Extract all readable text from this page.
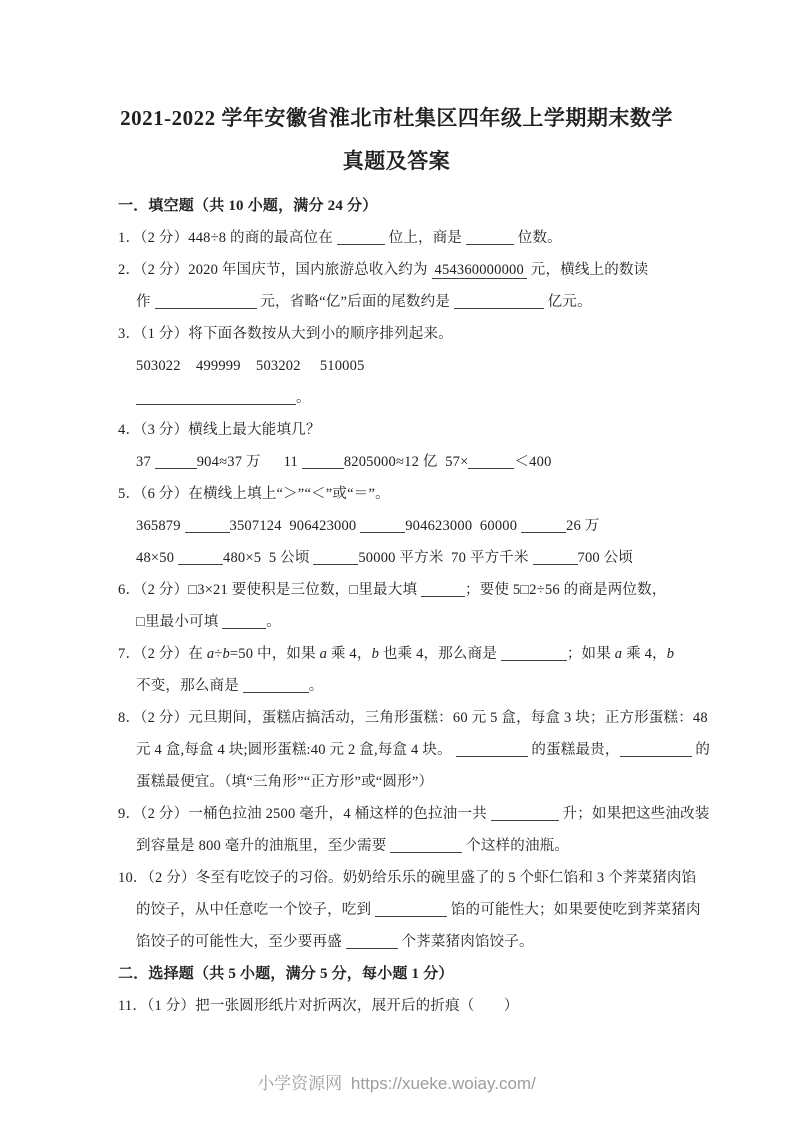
2021-2022 学年安徽省淮北市杜集区四年级上学期期末数学
真题及答案
一．填空题（共 10 小题，满分 24 分）
1．（2 分）448÷8 的商的最高位在	位上，商是	位数。
2．（2 分）2020 年国庆节，国内旅游总收入约为 454360000000 元，横线上的数读
作	元，省略“亿”后面的尾数约是	亿元。
3．（1 分）将下面各数按从大到小的顺序排列起来。
503022    499999    503202     510005
。
4．（3 分）横线上最大能填几？
37	904≈37 万      11	8205000≈12 亿  57×	＜400
5．（6 分）在横线上填上“＞”“＜”或“＝”。
365879	3507124  906423000	904623000  60000	26 万
48×50	480×5  5 公顷	50000 平方米  70 平方千米	700 公顷
6．（2 分）□3×21 要使积是三位数，□里最大填	；要使 5□2÷56 的商是两位数，
□里最小可填	。
7．（2 分）在 a÷b=50 中，如果 a 乘 4，b 也乘 4，那么商是	；如果 a 乘 4，b
不变，那么商是	。
8．（2 分）元旦期间，蛋糕店搞活动，三角形蛋糕：60 元 5 盒，每盒 3 块；正方形蛋糕：48
元 4 盒,每盒 4 块;圆形蛋糕:40 元 2 盒,每盒 4 块。	的蛋糕最贵，	的
蛋糕最便宜。（填“三角形”“正方形”或“圆形”）
9．（2 分）一桶色拉油 2500 毫升，4 桶这样的色拉油一共	升；如果把这些油改装
到容量是 800 毫升的油瓶里，至少需要	个这样的油瓶。
10．（2 分）冬至有吃饺子的习俗。奶奶给乐乐的碗里盛了的 5 个虾仁馅和 3 个荠菜猪肉馅
的饺子，从中任意吃一个饺子，吃到	馅的可能性大；如果要使吃到荠菜猪肉
馅饺子的可能性大，至少要再盛	个荠菜猪肉馅饺子。
二．选择题（共 5 小题，满分 5 分，每小题 1 分）
11．（1 分）把一张圆形纸片对折两次，展开后的折痕（　　）
小学资源网 https://xueke.woiay.com/
